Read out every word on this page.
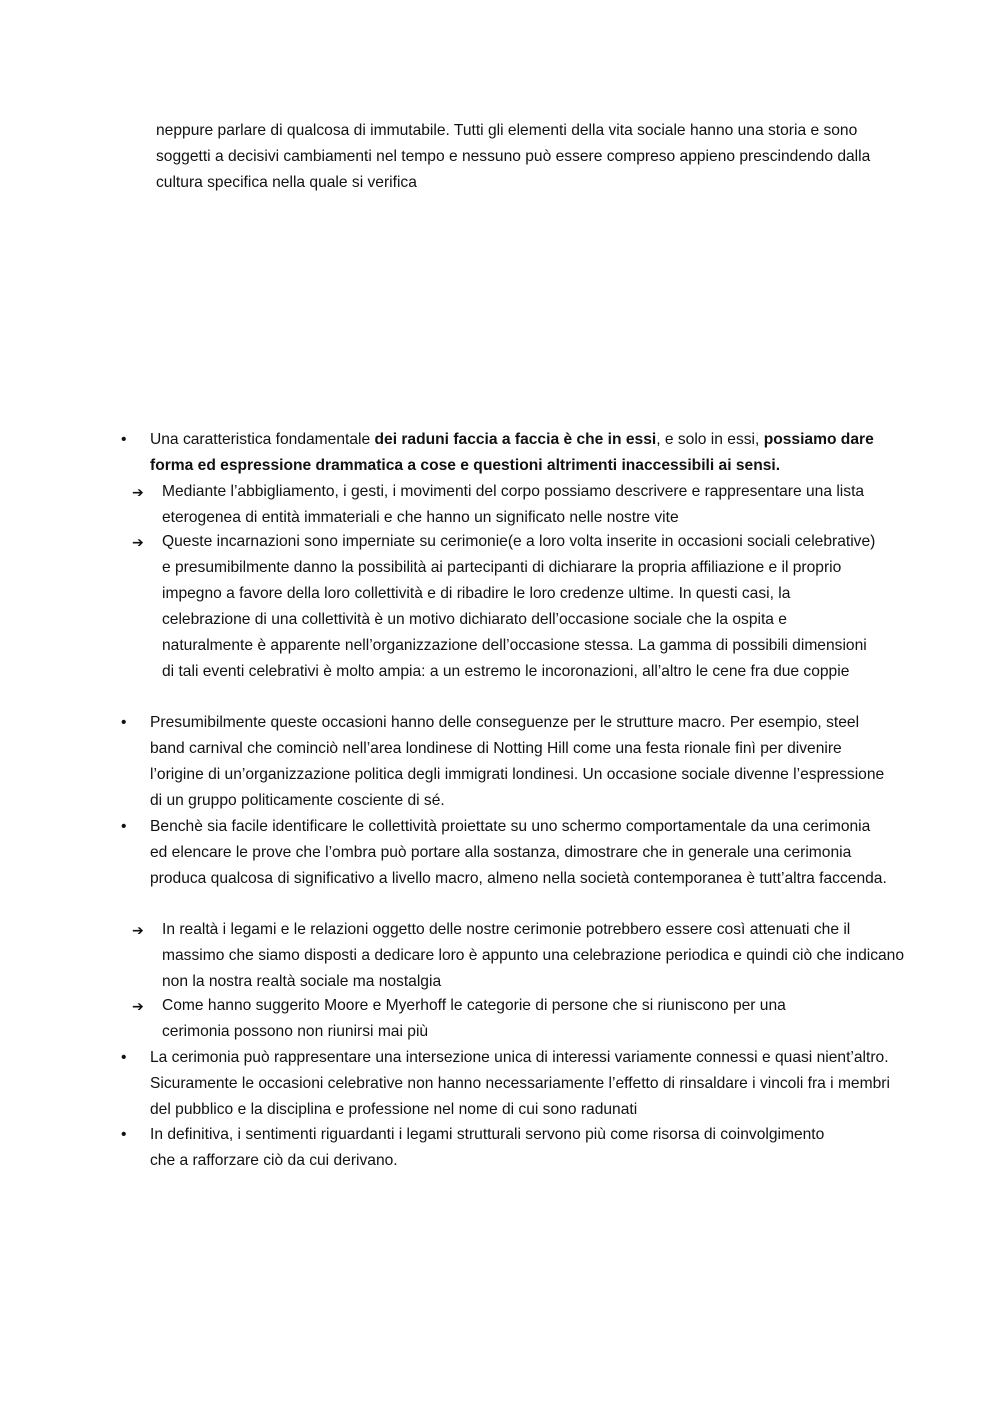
neppure parlare di qualcosa di immutabile. Tutti gli elementi della vita sociale hanno una storia e sono soggetti a decisivi cambiamenti nel tempo e nessuno può essere compreso appieno prescindendo dalla cultura specifica nella quale si verifica

• Una caratteristica fondamentale dei raduni faccia a faccia è che in essi, e solo in essi, possiamo dare forma ed espressione drammatica a cose e questioni altrimenti inaccessibili ai sensi.
➔ Mediante l’abbigliamento, i gesti, i movimenti del corpo possiamo descrivere e rappresentare una lista eterogenea di entità immateriali e che hanno un significato nelle nostre vite
➔ Queste incarnazioni sono imperniate su cerimonie(e a loro volta inserite in occasioni sociali celebrative) e presumibilmente danno la possibilità ai partecipanti di dichiarare la propria affiliazione e il proprio impegno a favore della loro collettività e di ribadire le loro credenze ultime. In questi casi, la celebrazione di una collettività è un motivo dichiarato dell’occasione sociale che la ospita e naturalmente è apparente nell’organizzazione dell’occasione stessa. La gamma di possibili dimensioni di tali eventi celebrativi è molto ampia: a un estremo le incoronazioni, all’altro le cene fra due coppie
• Presumibilmente queste occasioni hanno delle conseguenze per le strutture macro. Per esempio, steel band carnival che cominciò nell’area londinese di Notting Hill come una festa rionale finì per divenire l’origine di un’organizzazione politica degli immigrati londinesi. Un occasione sociale divenne l’espressione di un gruppo politicamente cosciente di sé.
• Benchè sia facile identificare le collettività proiettate su uno schermo comportamentale da una cerimonia ed elencare le prove che l’ombra può portare alla sostanza, dimostrare che in generale una cerimonia produca qualcosa di significativo a livello macro, almeno nella società contemporanea è tutt’altra faccenda.
➔ In realtà i legami e le relazioni oggetto delle nostre cerimonie potrebbero essere così attenuati che il massimo che siamo disposti a dedicare loro è appunto una celebrazione periodica e quindi ciò che indicano non la nostra realtà sociale ma nostalgia
➔ Come hanno suggerito Moore e Myerhoff le categorie di persone che si riuniscono per una cerimonia possono non riunirsi mai più
• La cerimonia può rappresentare una intersezione unica di interessi variamente connessi e quasi nient’altro. Sicuramente le occasioni celebrative non hanno necessariamente l’effetto di rinsaldare i vincoli fra i membri del pubblico e la disciplina e professione nel nome di cui sono radunati
• In definitiva, i sentimenti riguardanti i legami strutturali servono più come risorsa di coinvolgimento che a rafforzare ciò da cui derivano.
